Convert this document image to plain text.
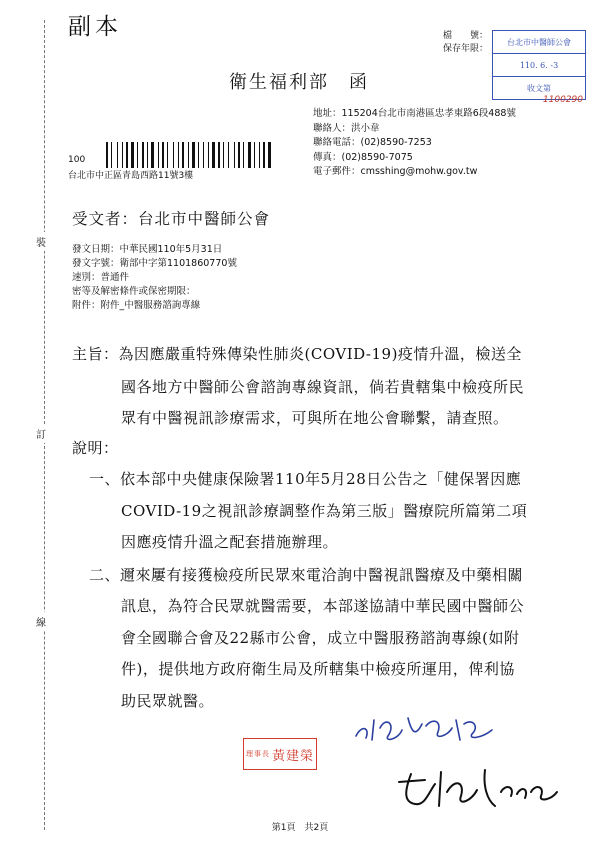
裝
訂
線
副本
衛生福利部　函
檔　　號：
保存年限：
台北市中醫師公會
110. 6. -3
收文第
1100290
地址：115204台北市南港區忠孝東路6段488號
聯絡人：洪小韋
聯絡電話：(02)8590-7253
傳真：(02)8590-7075
電子郵件：cmsshing@mohw.gov.tw
100
台北市中正區青島西路11號3樓
受文者：台北市中醫師公會
發文日期：中華民國110年5月31日
發文字號：衛部中字第1101860770號
速別：普通件
密等及解密條件或保密期限：
附件：附件_中醫服務諮詢專線
主旨：為因應嚴重特殊傳染性肺炎(COVID-19)疫情升溫，檢送全
國各地方中醫師公會諮詢專線資訊，倘若貴轄集中檢疫所民
眾有中醫視訊診療需求，可與所在地公會聯繫，請查照。
說明：
一、依本部中央健康保險署110年5月28日公告之「健保署因應
COVID-19之視訊診療調整作為第三版」醫療院所篇第二項
因應疫情升溫之配套措施辦理。
二、邇來屢有接獲檢疫所民眾來電洽詢中醫視訊醫療及中藥相關
訊息，為符合民眾就醫需要，本部遂協請中華民國中醫師公
會全國聯合會及22縣市公會，成立中醫服務諮詢專線(如附
件)，提供地方政府衛生局及所轄集中檢疫所運用，俾利協
助民眾就醫。
理事長 黃建榮
第1頁　共2頁
